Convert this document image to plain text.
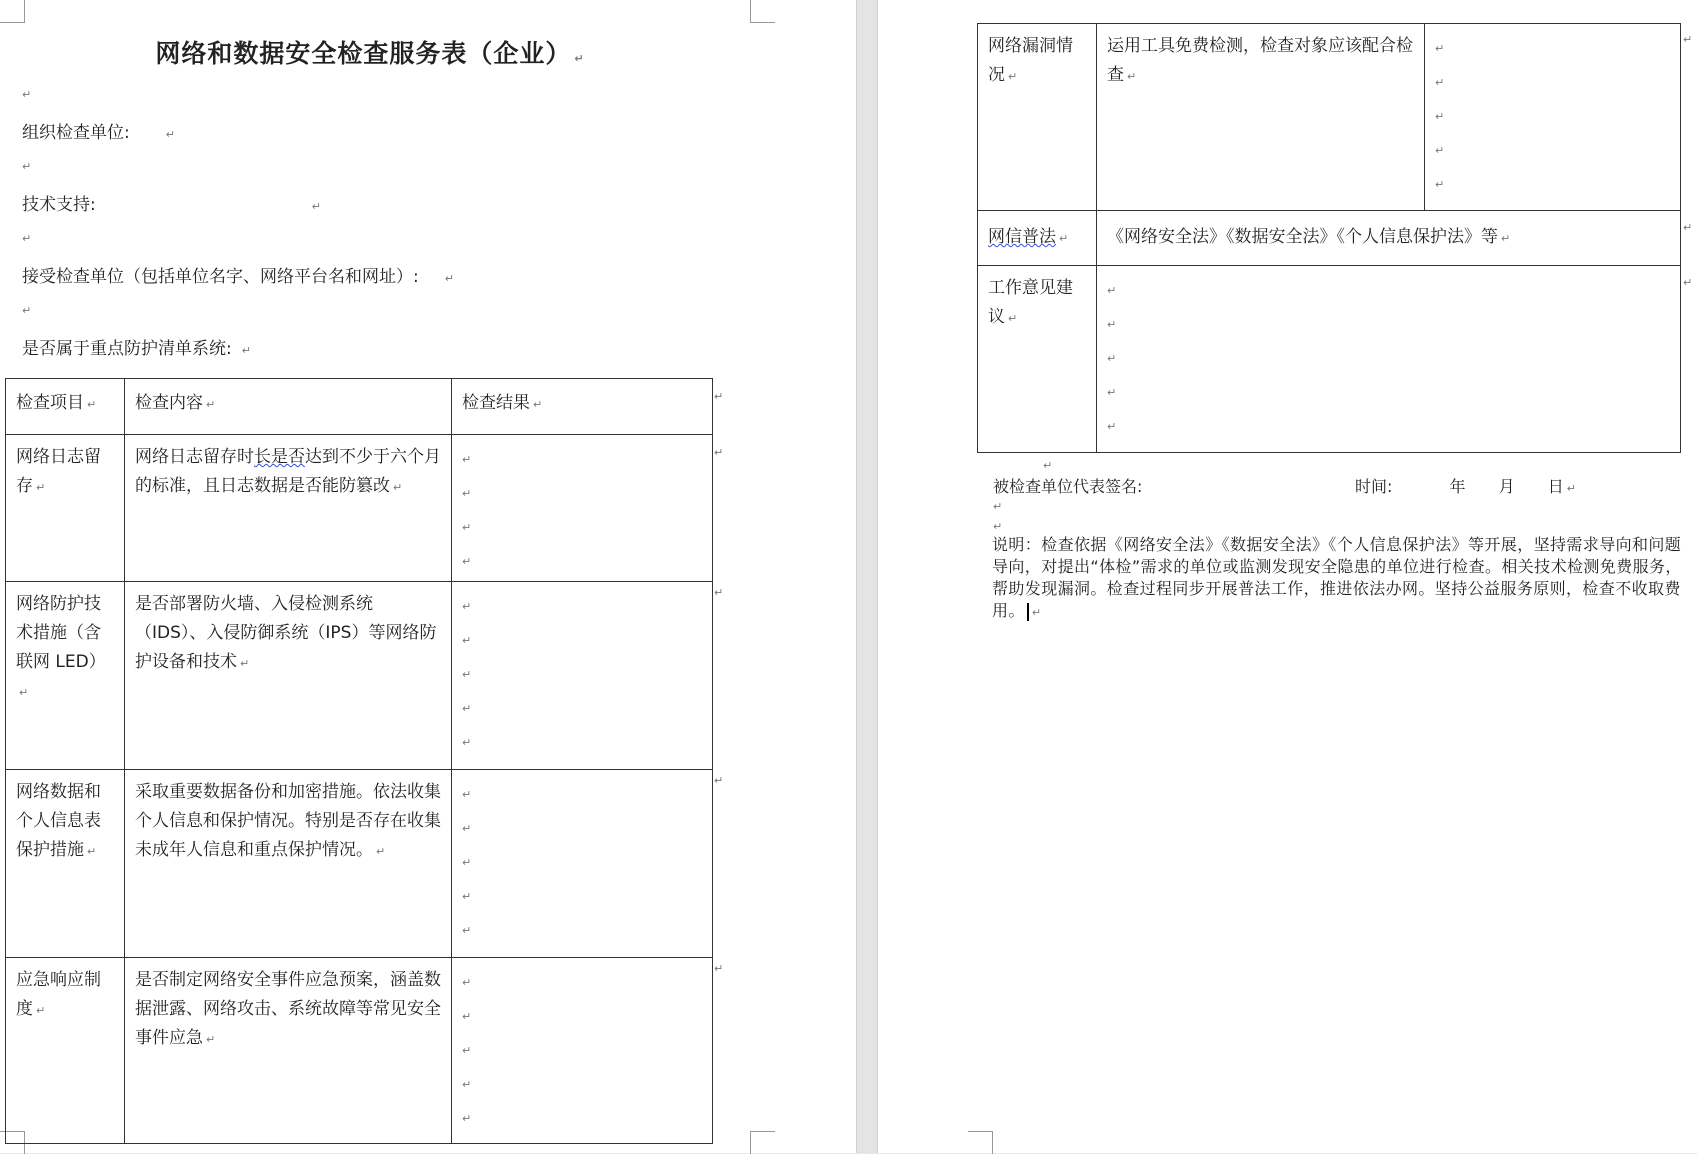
网络和数据安全检查服务表（企业） ↵
↵
组织检查单位:	↵
↵
技术支持:	↵
↵
接受检查单位（包括单位名字、网络平台名和网址）: ↵
↵
是否属于重点防护清单系统: ↵
检查项目 ↵	检查内容 ↵	检查结果 ↵

网络日志留存 ↵	网络日志留存时长是否达到不少于六个月的标准，且日志数据是否能防篡改 ↵	↵
↵
↵
↵

网络防护技术措施（含联网 LED）↵	是否部署防火墙、入侵检测系统（IDS）、入侵防御系统（IPS）等网络防护设备和技术 ↵	↵
↵
↵
↵
↵

网络数据和个人信息表保护措施 ↵	采取重要数据备份和加密措施。依法收集个人信息和保护情况。特别是否存在收集未成年人信息和重点保护情况。 ↵	↵
↵
↵
↵
↵

应急响应制度 ↵	是否制定网络安全事件应急预案，涵盖数据泄露、网络攻击、系统故障等常见安全事件应急 ↵	↵
↵
↵
↵
↵
↵
↵
↵
↵
↵
网络漏洞情况 ↵	运用工具免费检测，检查对象应该配合检查 ↵	↵
↵
↵
↵
↵

网信普法 ↵	《网络安全法》《数据安全法》《个人信息保护法》等 ↵	

工作意见建议 ↵	↵
↵
↵
↵
↵	
↵
↵
↵
↵
被检查单位代表签名:	时间:	年 月 日 ↵
↵
↵
说明：检查依据《网络安全法》《数据安全法》《个人信息保护法》等开展，坚持需求导向和问题导向，对提出“体检”需求的单位或监测发现安全隐患的单位进行检查。相关技术检测免费服务，帮助发现漏洞。检查过程同步开展普法工作，推进依法办网。坚持公益服务原则，检查不收取费用。 ↵
